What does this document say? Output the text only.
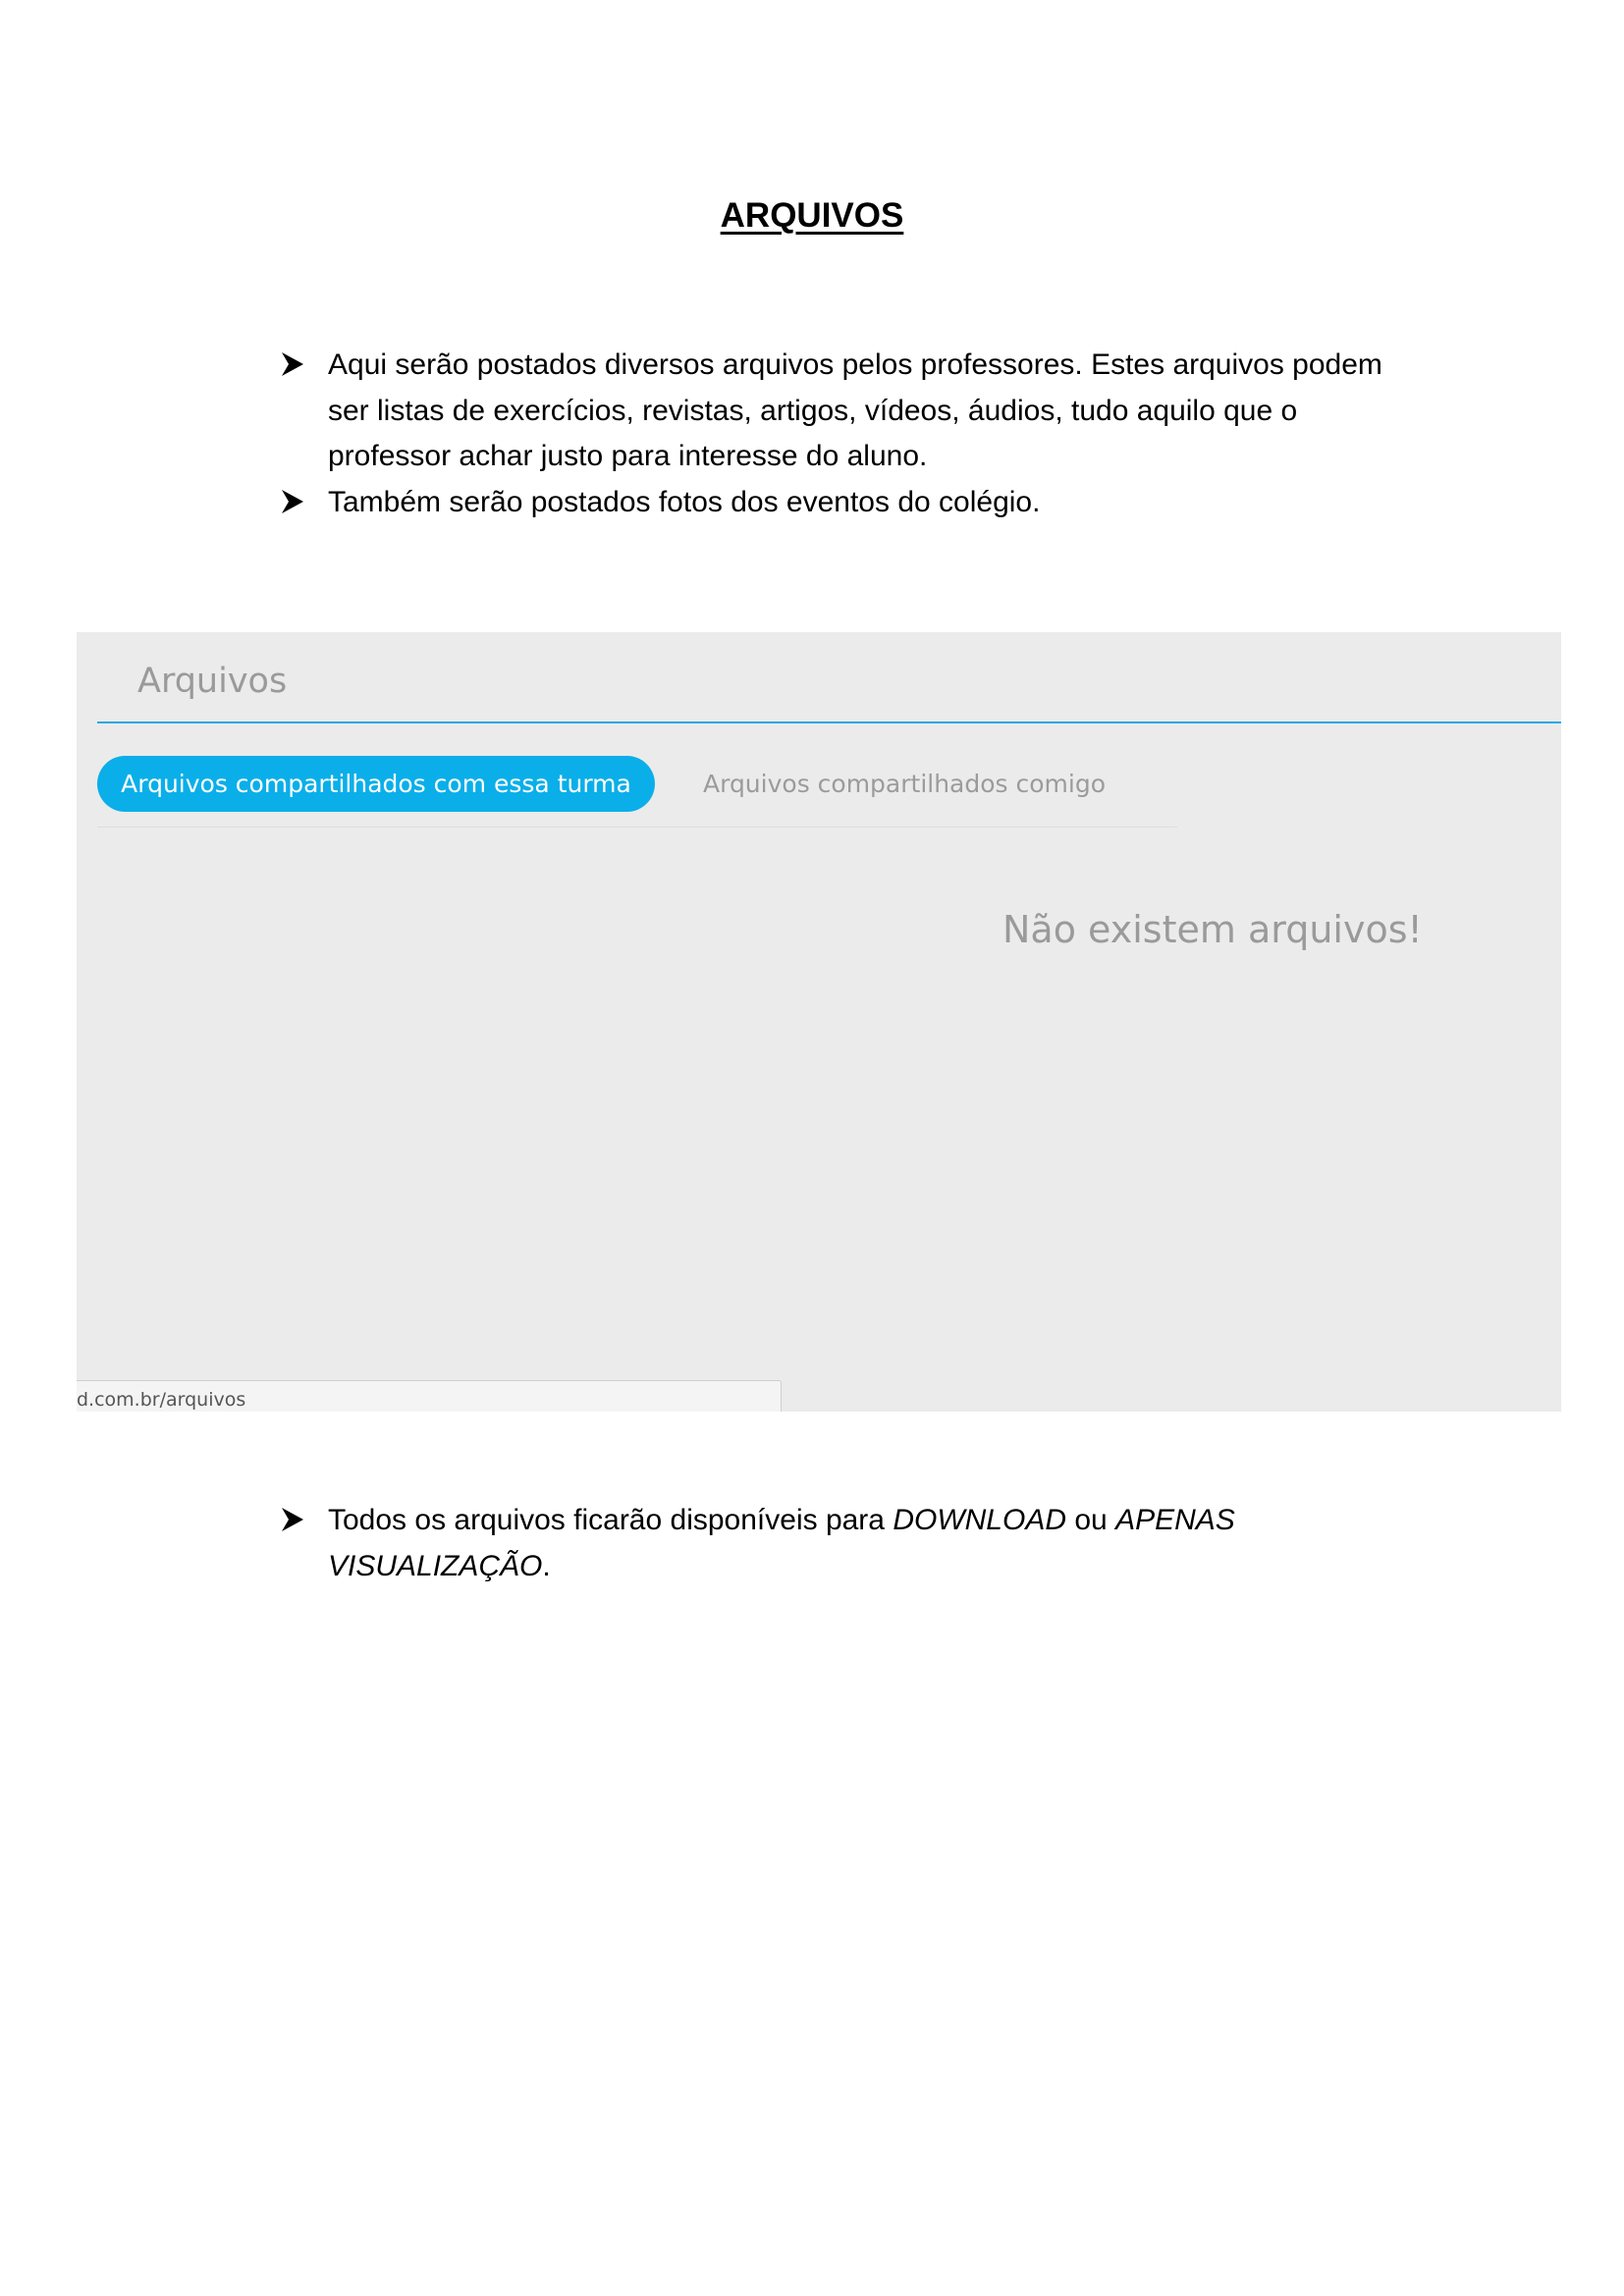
ARQUIVOS
Aqui serão postados diversos arquivos pelos professores. Estes arquivos podem ser listas de exercícios, revistas, artigos, vídeos, áudios, tudo aquilo que o professor achar justo para interesse do aluno.
Também serão postados fotos dos eventos do colégio.
Arquivos
Arquivos compartilhados com essa turma	Arquivos compartilhados comigo
Não existem arquivos!
d.com.br/arquivos
Todos os arquivos ficarão disponíveis para DOWNLOAD ou APENAS VISUALIZAÇÃO.
